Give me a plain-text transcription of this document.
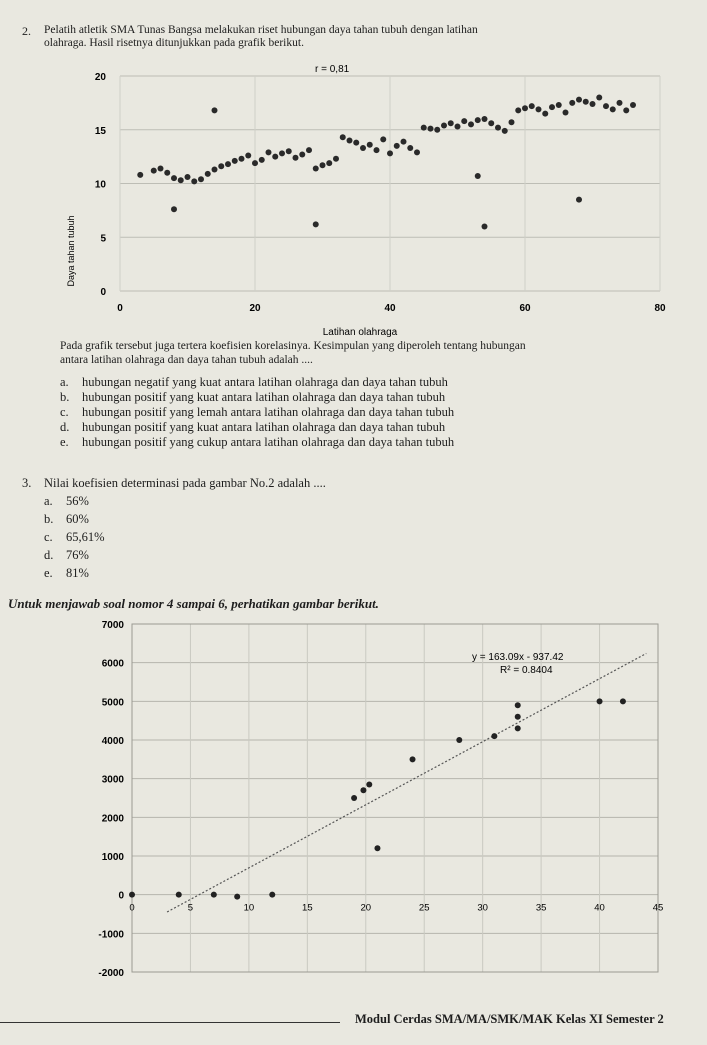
2. Pelatih atletik SMA Tunas Bangsa melakukan riset hubungan daya tahan tubuh dengan latihan
olahraga. Hasil risetnya ditunjukkan pada grafik berikut.
0
5
10
15
20
0	20	40	60	80
r = 0,81
Latihan olahraga
Daya tahan tubuh
Pada grafik tersebut juga tertera koefisien korelasinya. Kesimpulan yang diperoleh tentang hubungan
antara latihan olahraga dan daya tahan tubuh adalah ....
a. hubungan negatif yang kuat antara latihan olahraga dan daya tahan tubuh
b. hubungan positif yang kuat antara latihan olahraga dan daya tahan tubuh
c. hubungan positif yang lemah antara latihan olahraga dan daya tahan tubuh
d. hubungan positif yang kuat antara latihan olahraga dan daya tahan tubuh
e. hubungan positif yang cukup antara latihan olahraga dan daya tahan tubuh
3. Nilai koefisien determinasi pada gambar No.2 adalah ....
a. 56%
b. 60%
c. 65,61%
d. 76%
e. 81%
Untuk menjawab soal nomor 4 sampai 6, perhatikan gambar berikut.
-2000
-1000
0
1000
2000
3000
4000
5000
6000
7000
0	5	10	15	20	25	30	35	40	45
y = 163.09x - 937.42
R² = 0.8404
Modul Cerdas SMA/MA/SMK/MAK Kelas XI Semester 2
